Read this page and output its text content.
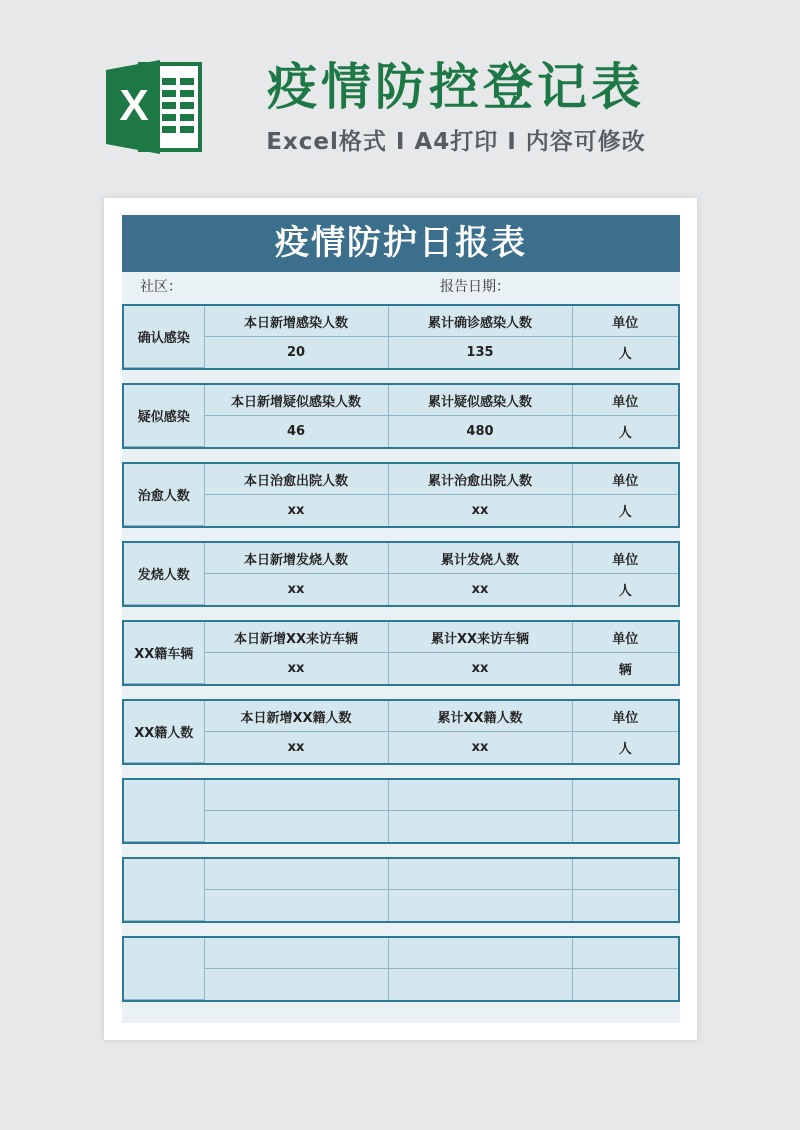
X	疫情防控登记表
Excel格式 I A4打印 I 内容可修改
疫情防护日报表
社区：	报告日期：
确认感染	本日新增感染人数	累计确诊感染人数	单位
	20	135	人
疑似感染	本日新增疑似感染人数	累计疑似感染人数	单位
	46	480	人
治愈人数	本日治愈出院人数	累计治愈出院人数	单位
	xx	xx	人
发烧人数	本日新增发烧人数	累计发烧人数	单位
	xx	xx	人
XX籍车辆	本日新增XX来访车辆	累计XX来访车辆	单位
	xx	xx	辆
XX籍人数	本日新增XX籍人数	累计XX籍人数	单位
	xx	xx	人
